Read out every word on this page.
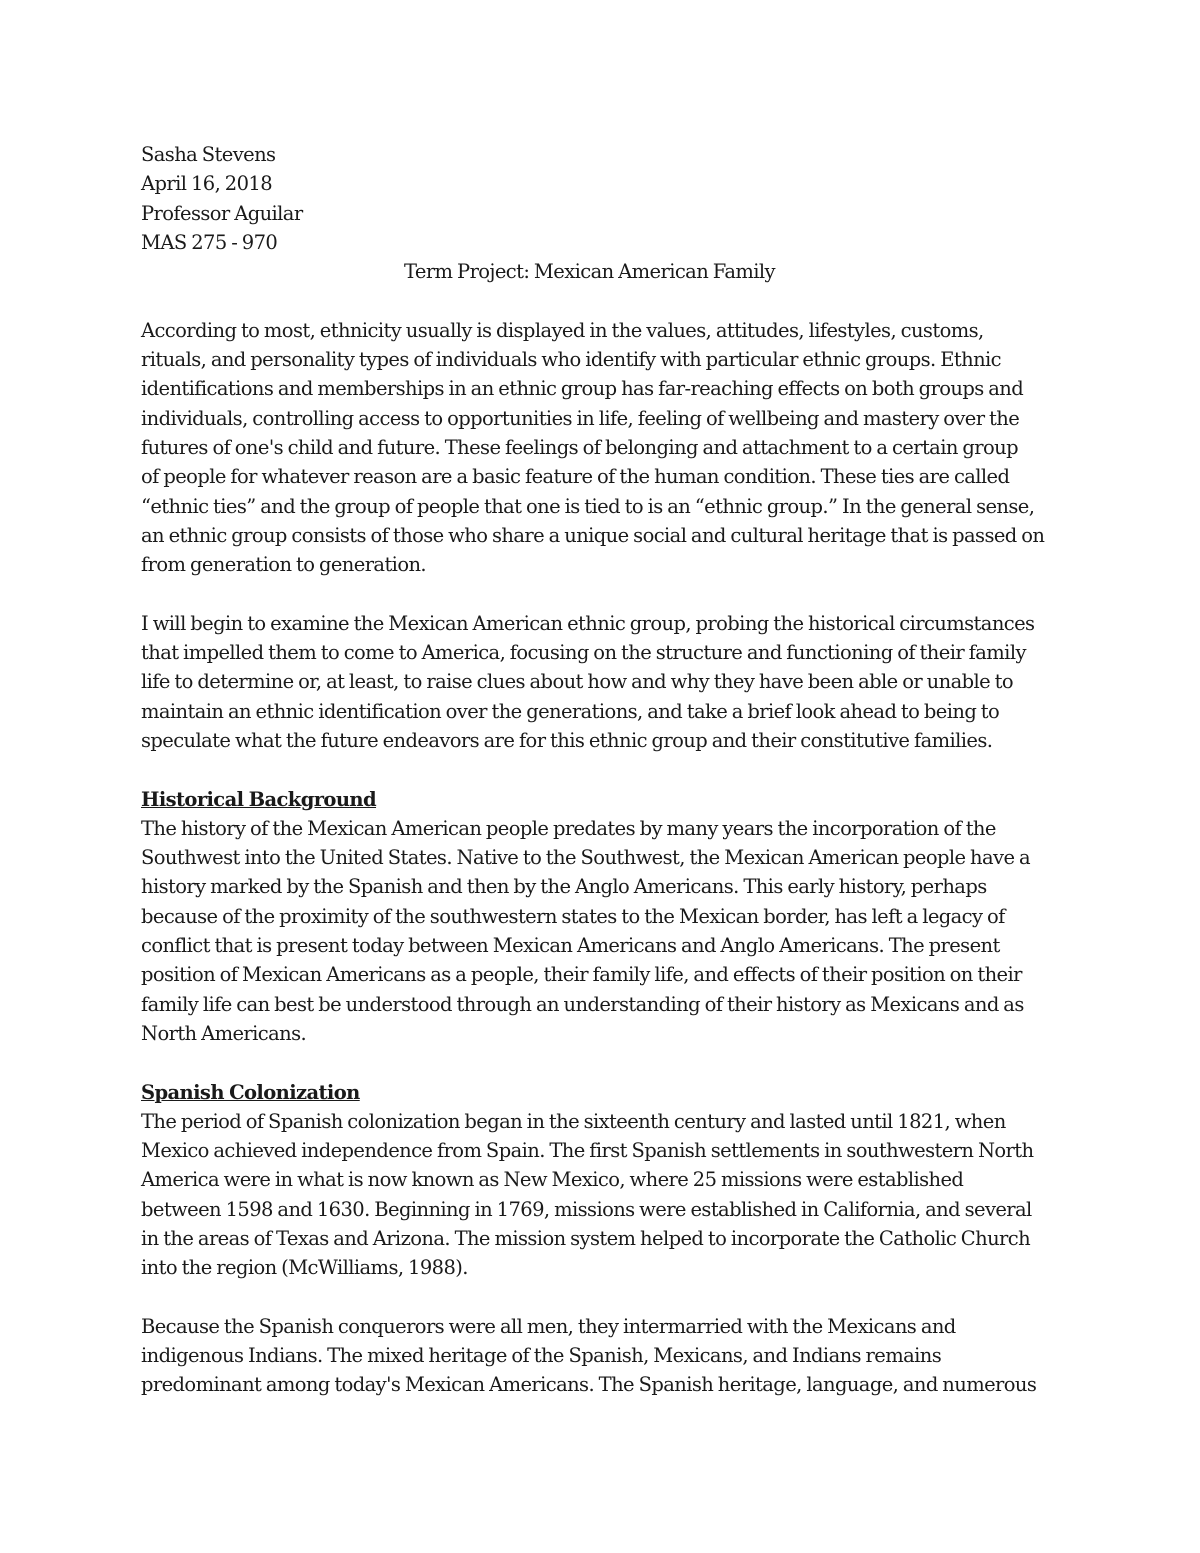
Sasha Stevens
April 16, 2018
Professor Aguilar
MAS 275 - 970
Term Project: Mexican American Family
According to most, ethnicity usually is displayed in the values, attitudes, lifestyles, customs,
rituals, and personality types of individuals who identify with particular ethnic groups. Ethnic
identifications and memberships in an ethnic group has far-reaching effects on both groups and
individuals, controlling access to opportunities in life, feeling of wellbeing and mastery over the
futures of one's child and future. These feelings of belonging and attachment to a certain group
of people for whatever reason are a basic feature of the human condition. These ties are called
“ethnic ties” and the group of people that one is tied to is an “ethnic group.” In the general sense,
an ethnic group consists of those who share a unique social and cultural heritage that is passed on
from generation to generation.
I will begin to examine the Mexican American ethnic group, probing the historical circumstances
that impelled them to come to America, focusing on the structure and functioning of their family
life to determine or, at least, to raise clues about how and why they have been able or unable to
maintain an ethnic identification over the generations, and take a brief look ahead to being to
speculate what the future endeavors are for this ethnic group and their constitutive families.
Historical Background
The history of the Mexican American people predates by many years the incorporation of the
Southwest into the United States. Native to the Southwest, the Mexican American people have a
history marked by the Spanish and then by the Anglo Americans. This early history, perhaps
because of the proximity of the southwestern states to the Mexican border, has left a legacy of
conflict that is present today between Mexican Americans and Anglo Americans. The present
position of Mexican Americans as a people, their family life, and effects of their position on their
family life can best be understood through an understanding of their history as Mexicans and as
North Americans.
Spanish Colonization
The period of Spanish colonization began in the sixteenth century and lasted until 1821, when
Mexico achieved independence from Spain. The first Spanish settlements in southwestern North
America were in what is now known as New Mexico, where 25 missions were established
between 1598 and 1630. Beginning in 1769, missions were established in California, and several
in the areas of Texas and Arizona. The mission system helped to incorporate the Catholic Church
into the region (McWilliams, 1988).
Because the Spanish conquerors were all men, they intermarried with the Mexicans and
indigenous Indians. The mixed heritage of the Spanish, Mexicans, and Indians remains
predominant among today's Mexican Americans. The Spanish heritage, language, and numerous
